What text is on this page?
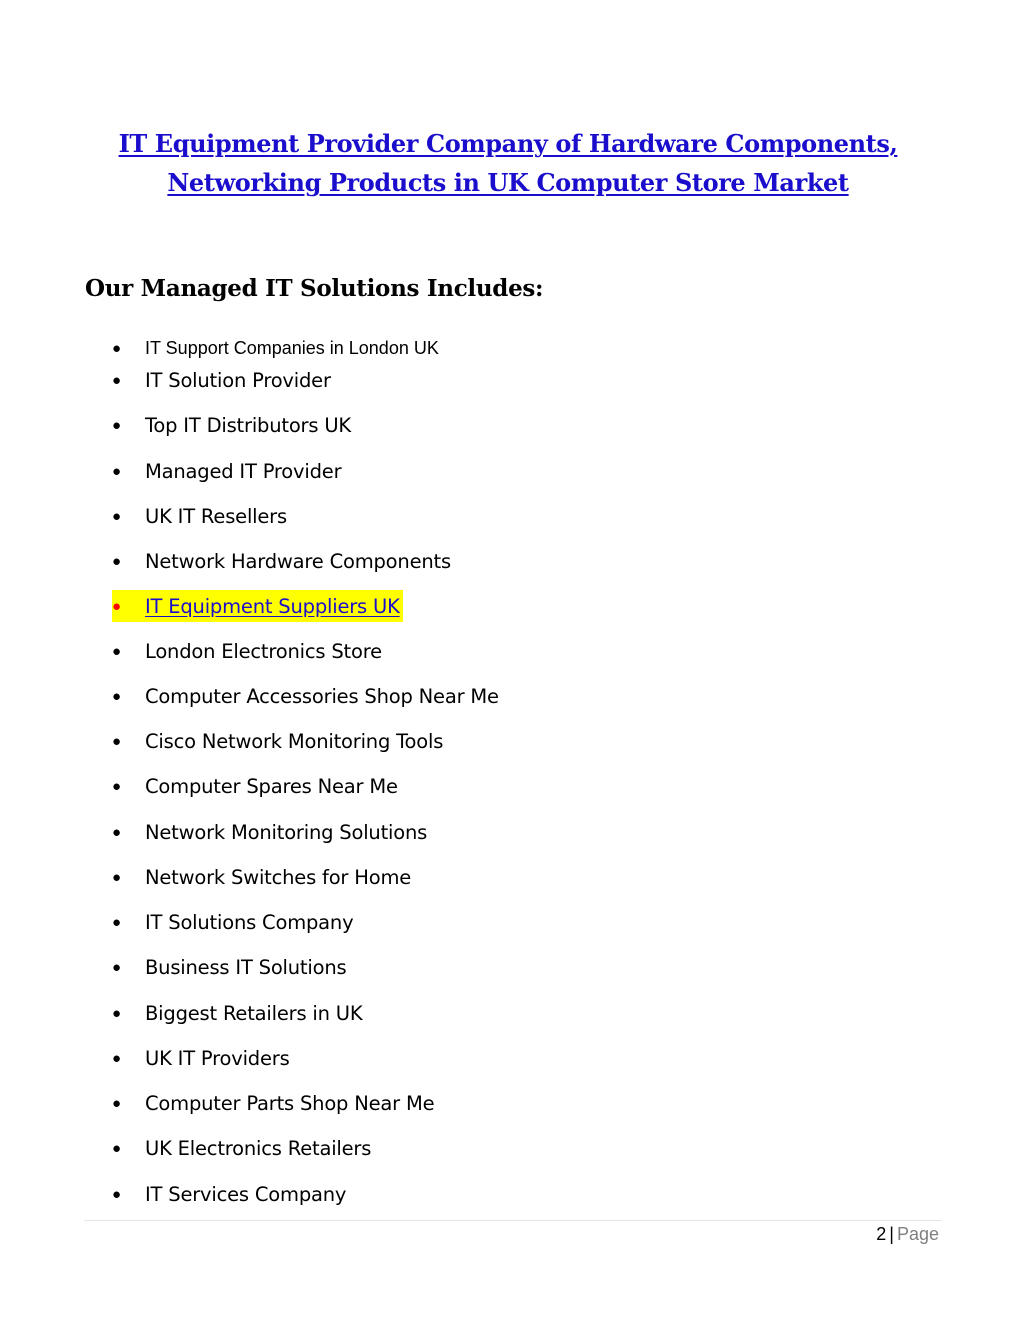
IT Equipment Provider Company of Hardware Components,
Networking Products in UK Computer Store Market
Our Managed IT Solutions Includes:
●
IT Support Companies in London UK
●
IT Solution Provider
●
Top IT Distributors UK
●
Managed IT Provider
●
UK IT Resellers
●
Network Hardware Components
●
IT Equipment Suppliers UK
●
London Electronics Store
●
Computer Accessories Shop Near Me
●
Cisco Network Monitoring Tools
●
Computer Spares Near Me
●
Network Monitoring Solutions
●
Network Switches for Home
●
IT Solutions Company
●
Business IT Solutions
●
Biggest Retailers in UK
●
UK IT Providers
●
Computer Parts Shop Near Me
●
UK Electronics Retailers
●
IT Services Company
2 | Page
